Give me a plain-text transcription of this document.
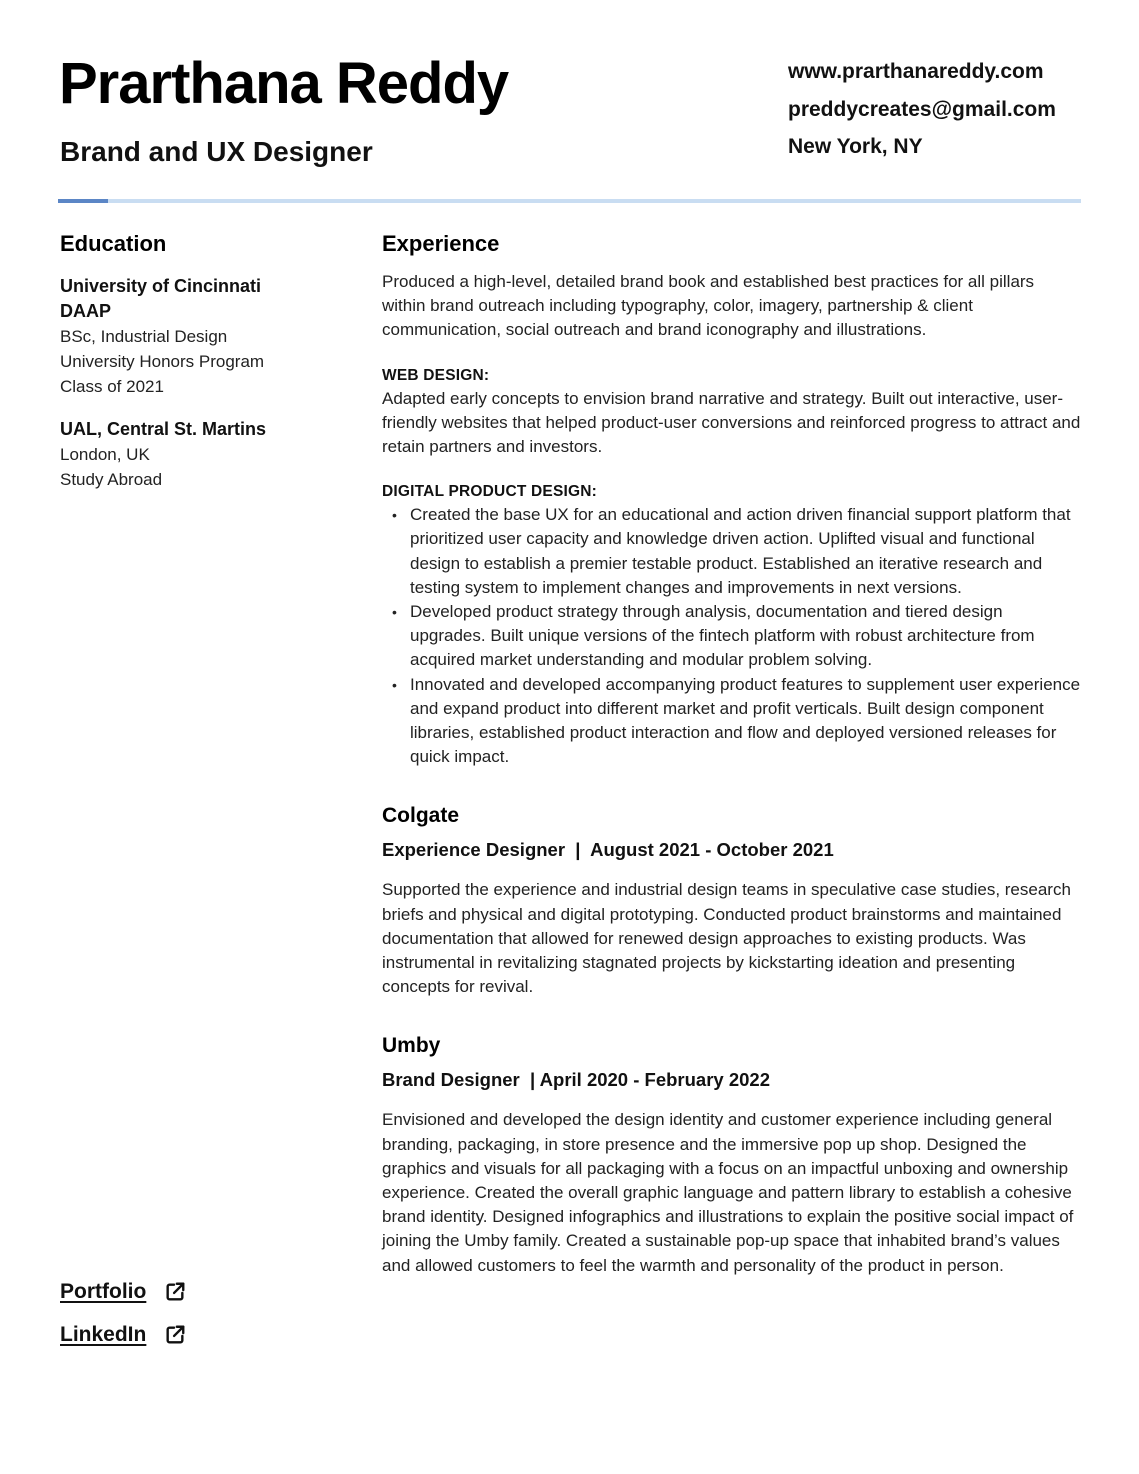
Prarthana Reddy
Brand and UX Designer
www.prarthanareddy.com
preddycreates@gmail.com
New York, NY
Education
University of Cincinnati DAAP
BSc, Industrial Design
University Honors Program
Class of 2021
UAL, Central St. Martins
London, UK
Study Abroad
Portfolio
LinkedIn
Experience

Produced a high-level, detailed brand book and established best practices for all pillars within brand outreach including typography, color, imagery, partnership & client communication, social outreach and brand iconography and illustrations.

WEB DESIGN:

Adapted early concepts to envision brand narrative and strategy. Built out interactive, user-friendly websites that helped product-user conversions and reinforced progress to attract and retain partners and investors.

DIGITAL PRODUCT DESIGN:
• Created the base UX for an educational and action driven financial support platform that prioritized user capacity and knowledge driven action. Uplifted visual and functional design to establish a premier testable product. Established an iterative research and testing system to implement changes and improvements in next versions.
• Developed product strategy through analysis, documentation and tiered design upgrades. Built unique versions of the fintech platform with robust architecture from acquired market understanding and modular problem solving.
• Innovated and developed accompanying product features to supplement user experience and expand product into different market and profit verticals. Built design component libraries, established product interaction and flow and deployed versioned releases for quick impact.
Colgate
Experience Designer  |  August 2021 - October 2021

Supported the experience and industrial design teams in speculative case studies, research briefs and physical and digital prototyping. Conducted product brainstorms and maintained documentation that allowed for renewed design approaches to existing products. Was instrumental in revitalizing stagnated projects by kickstarting ideation and presenting concepts for revival.

Umby
Brand Designer  | April 2020 - February 2022

Envisioned and developed the design identity and customer experience including general branding, packaging, in store presence and the immersive pop up shop. Designed the graphics and visuals for all packaging with a focus on an impactful unboxing and ownership experience. Created the overall graphic language and pattern library to establish a cohesive brand identity. Designed infographics and illustrations to explain the positive social impact of joining the Umby family. Created a sustainable pop-up space that inhabited brand’s values and allowed customers to feel the warmth and personality of the product in person.
